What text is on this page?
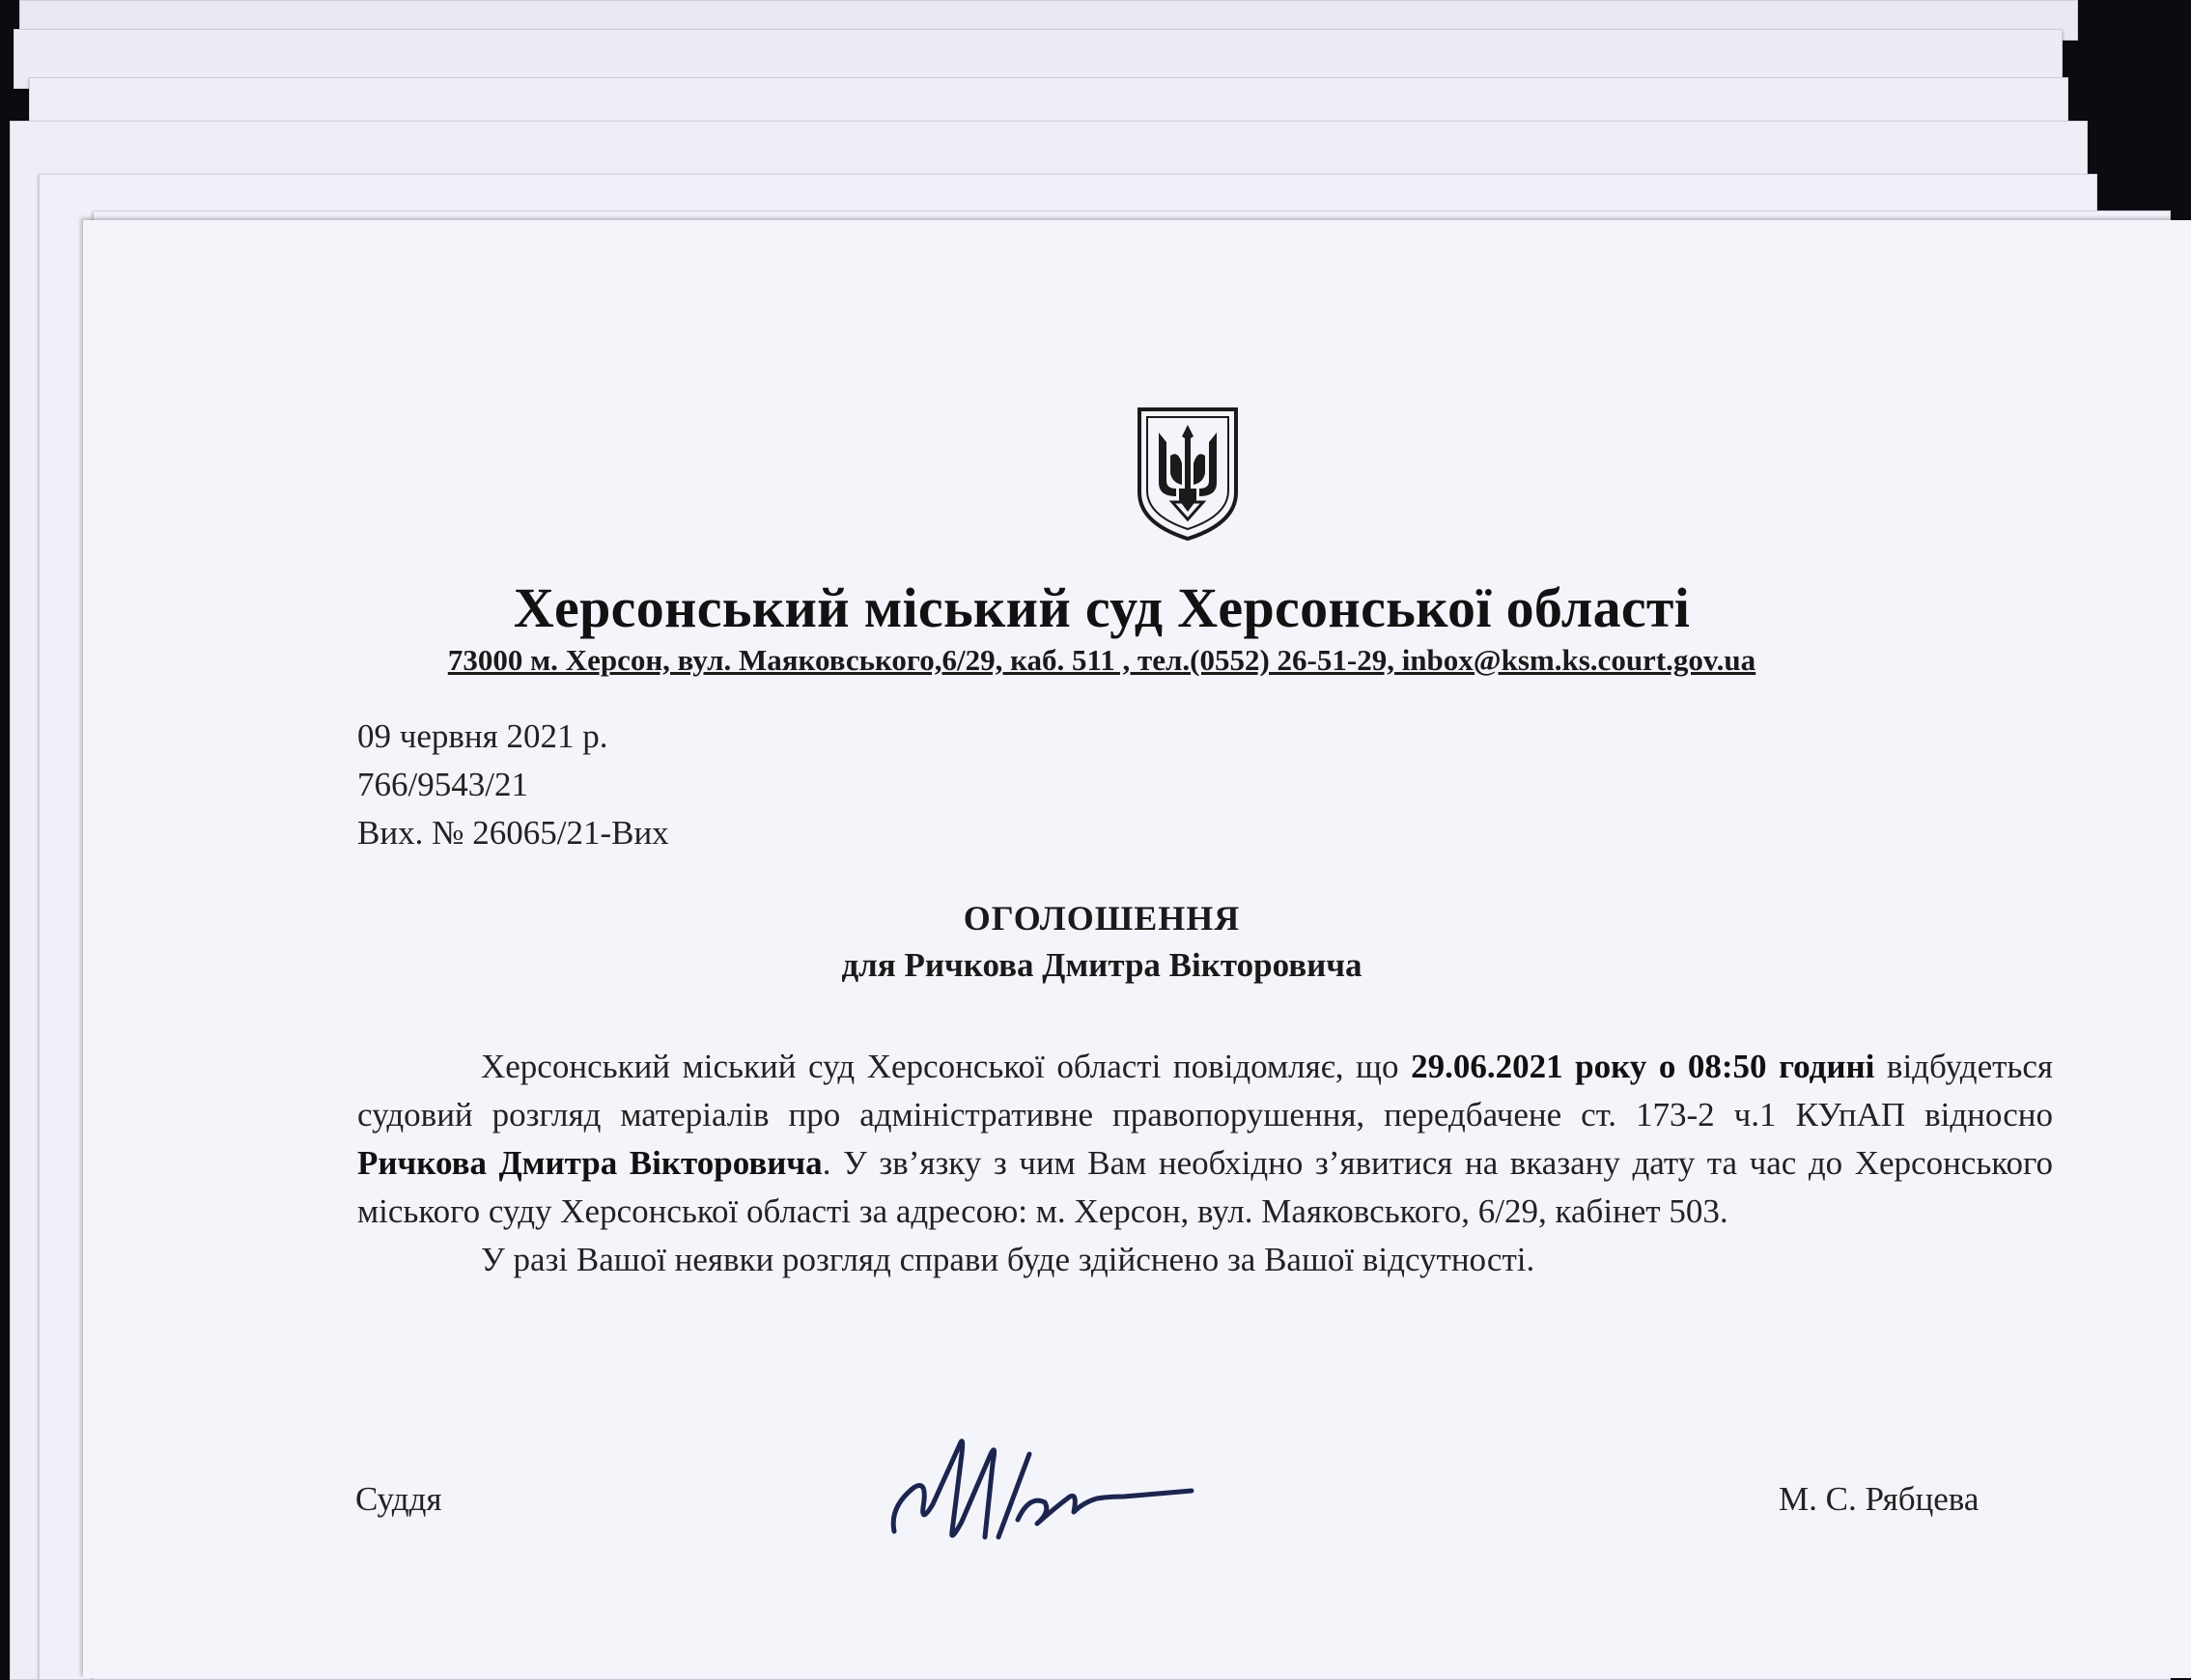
Херсонський міський суд Херсонської області
73000 м. Херсон, вул. Маяковського,6/29, каб. 511 , тел.(0552) 26-51-29, inbox@ksm.ks.court.gov.ua
09 червня 2021 р.
766/9543/21
Вих. № 26065/21-Вих
ОГОЛОШЕННЯ
для Ричкова Дмитра Вікторовича

Херсонський міський суд Херсонської області повідомляє, що 29.06.2021 року о 08:50 годині відбудеться судовий розгляд матеріалів про адміністративне правопорушення, передбачене ст. 173-2 ч.1 КУпАП відносно Ричкова Дмитра Вікторовича. У зв’язку з чим Вам необхідно з’явитися на вказану дату та час до Херсонського міського суду Херсонської області за адресою: м. Херсон, вул. Маяковського, 6/29, кабінет 503.

У разі Вашої неявки розгляд справи буде здійснено за Вашої відсутності.

Суддя	М. С. Рябцева
